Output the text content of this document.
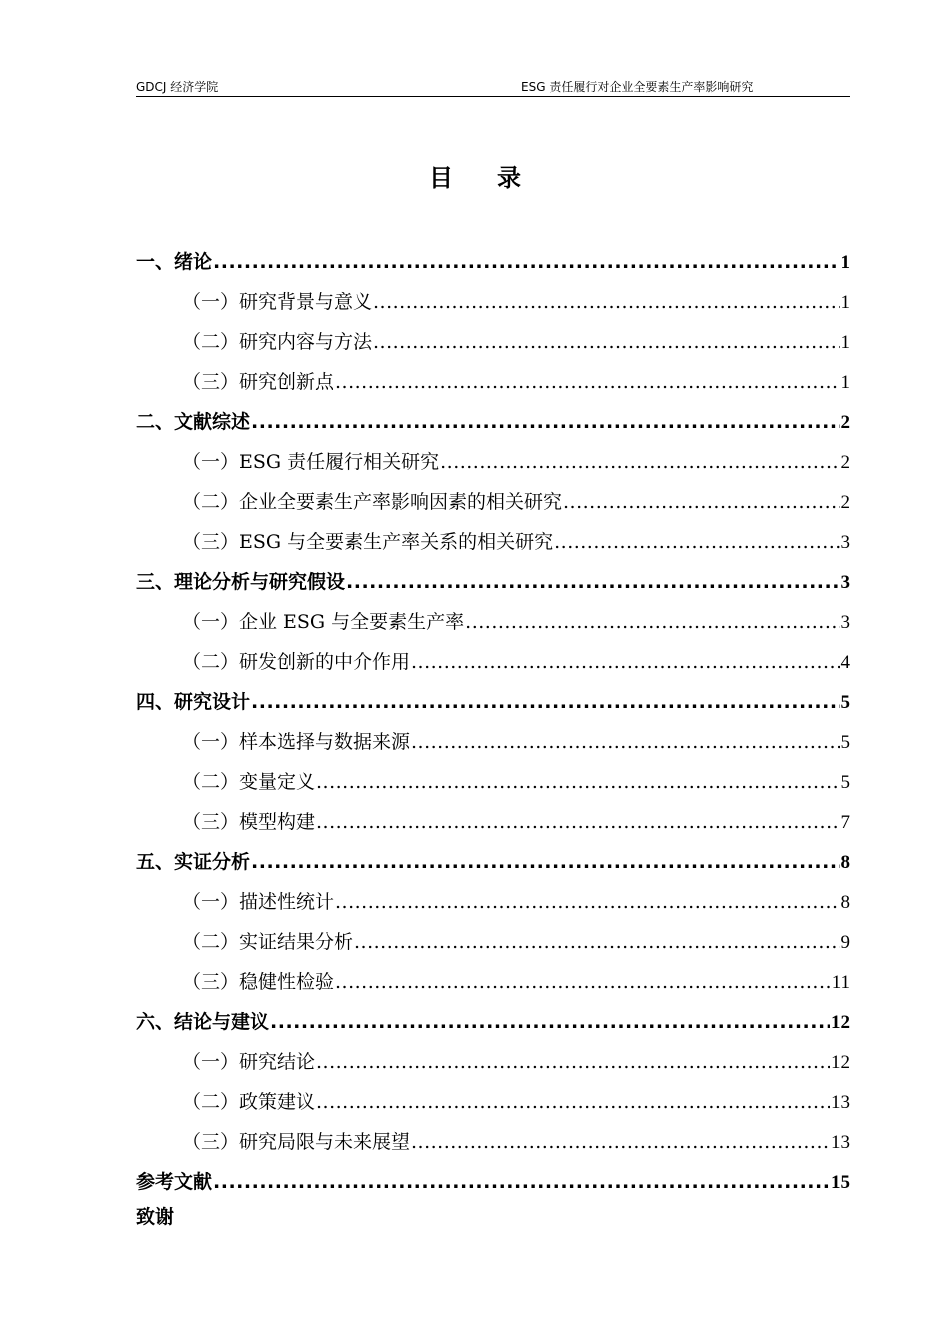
GDCJ 经济学院	ESG 责任履行对企业全要素生产率影响研究
目录
一、绪论 .....	1
（一）研究背景与意义 .....	1
（二）研究内容与方法 .....	1
（三）研究创新点 .....	1
二、文献综述 .....	2
（一）ESG 责任履行相关研究 .....	2
（二）企业全要素生产率影响因素的相关研究 .....	2
（三）ESG 与全要素生产率关系的相关研究 .....	3
三、理论分析与研究假设 .....	3
（一）企业 ESG 与全要素生产率 .....	3
（二）研发创新的中介作用 .....	4
四、研究设计 .....	5
（一）样本选择与数据来源 .....	5
（二）变量定义 .....	5
（三）模型构建 .....	7
五、实证分析 .....	8
（一）描述性统计 .....	8
（二）实证结果分析 .....	9
（三）稳健性检验 .....	11
六、结论与建议 .....	12
（一）研究结论 .....	12
（二）政策建议 .....	13
（三）研究局限与未来展望 .....	13
参考文献 .....	15
致谢
